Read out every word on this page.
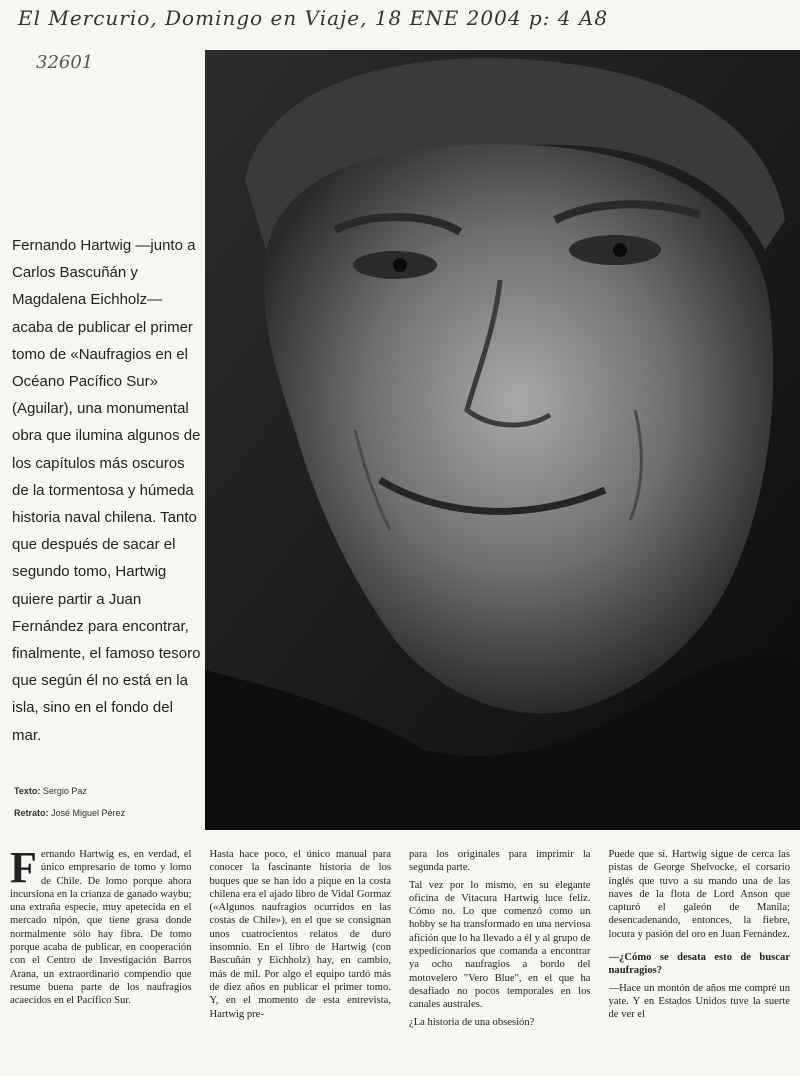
El Mercurio, Domingo en Viaje, 18 ENE 2004 p: 4 A8
32601

Fernando Hartwig —junto a Carlos Bascuñán y Magdalena Eichholz— acaba de publicar el primer tomo de «Naufragios en el Océano Pacífico Sur» (Aguilar), una monumental obra que ilumina algunos de los capítulos más oscuros de la tormentosa y húmeda historia naval chilena. Tanto que después de sacar el segundo tomo, Hartwig quiere partir a Juan Fernández para encontrar, finalmente, el famoso tesoro que según él no está en la isla, sino en el fondo del mar.

Texto: Sergio Paz
Retrato: José Miguel Pérez

Fernando Hartwig es, en verdad, el único empresario de tomo y lomo de Chile. De lomo porque ahora incursiona en la crianza de ganado waybu; una extraña especie, muy apetecida en el mercado nipón, que tiene grasa donde normalmente sólo hay fibra. De tomo porque acaba de publicar, en cooperación con el Centro de Investigación Barros Arana, un extraordinario compendio que resume buena parte de los naufragios acaecidos en el Pacífico Sur.

Hasta hace poco, el único manual para conocer la fascinante historia de los buques que se han ido a pique en la costa chilena era el ajado libro de Vidal Gormaz («Algunos naufragios ocurridos en las costas de Chile»), en el que se consignan unos cuatrocientos relatos de duro insomnio. En el libro de Hartwig (con Bascuñán y Eichholz) hay, en cambio, más de mil. Por algo el equipo tardó más de diez años en publicar el primer tomo. Y, en el momento de esta entrevista, Hartwig pre-

para los originales para imprimir la segunda parte.

Tal vez por lo mismo, en su elegante oficina de Vitacura Hartwig luce feliz. Cómo no. Lo que comenzó como un hobby se ha transformado en una nerviosa afición que lo ha llevado a él y al grupo de expedicionarios que comanda a encontrar ya ocho naufragios a bordo del motovelero "Vero Blue", en el que ha desafiado no pocos temporales en los canales australes.

¿La historia de una obsesión?

Puede que sí. Hartwig sigue de cerca las pistas de George Shelvocke, el corsario inglés que tuvo a su mando una de las naves de la flota de Lord Anson que capturó el galeón de Manila; desencadenando, entonces, la fiebre, locura y pasión del oro en Juan Fernández.

—¿Cómo se desata esto de buscar naufragios?

—Hace un montón de años me compré un yate. Y en Estados Unidos tuve la suerte de ver el
